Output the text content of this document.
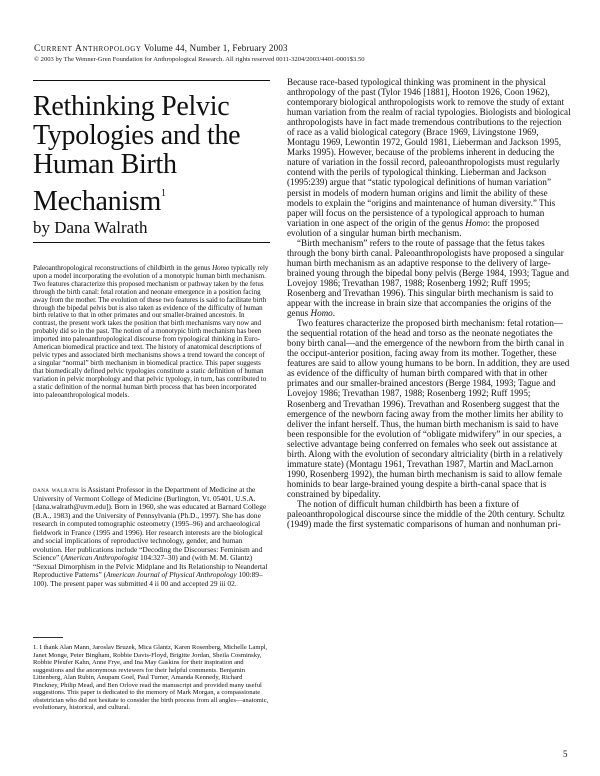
Current Anthropology Volume 44, Number 1, February 2003
© 2003 by The Wenner-Gren Foundation for Anthropological Research. All rights reserved 0011-3204/2003/4401-0001$3.50
Rethinking Pelvic
Typologies and the
Human Birth
Mechanism$^1$
by Dana Walrath

Paleoanthropological reconstructions of childbirth in the genus Homo typically rely upon a model incorporating the evolution of a monotypic human birth mechanism. Two features characterize this proposed mechanism or pathway taken by the fetus through the birth canal: fetal rotation and neonate emergence in a position facing away from the mother. The evolution of these two features is said to facilitate birth through the bipedal pelvis but is also taken as evidence of the difficulty of human birth relative to that in other primates and our smaller-brained ancestors. In contrast, the present work takes the position that birth mechanisms vary now and probably did so in the past. The notion of a monotypic birth mechanism has been imported into paleoanthropological discourse from typological thinking in Euro-American biomedical practice and text. The history of anatomical descriptions of pelvic types and associated birth mechanisms shows a trend toward the concept of a singular “normal” birth mechanism in biomedical practice. This paper suggests that biomedically defined pelvic typologies constitute a static definition of human variation in pelvic morphology and that pelvic typology, in turn, has contributed to a static definition of the normal human birth process that has been incorporated into paleoanthropological models.

dana walrath is Assistant Professor in the Department of Medicine at the University of Vermont College of Medicine (Burlington, Vt. 05401, U.S.A. [dana.walrath@uvm.edu]). Born in 1960, she was educated at Barnard College (B.A., 1983) and the University of Pennsylvania (Ph.D., 1997). She has done research in computed tomographic osteometry (1995–96) and archaeological fieldwork in France (1995 and 1996). Her research interests are the biological and social implications of reproductive technology, gender, and human evolution. Her publications include “Decoding the Discourses: Feminism and Science” (American Anthropologist 104:327–30) and (with M. M. Glantz) “Sexual Dimorphism in the Pelvic Midplane and Its Relationship to Neandertal Reproductive Patterns” (American Journal of Physical Anthropology 100:89–100). The present paper was submitted 4 ii 00 and accepted 29 iii 02.

1. I thank Alan Mann, Jaroslav Bruzek, Mica Glantz, Karen Rosenberg, Michelle Lampl, Janet Monge, Peter Bingham, Robbie Davis-Floyd, Brigitte Jordan, Sheila Cosminsky, Robbie Pfeufer Kahn, Anne Frye, and Ina May Gaskins for their inspiration and suggestions and the anonymous reviewers for their helpful comments. Benjamin Littenberg, Alan Rubin, Anupam Goel, Paul Turner, Amanda Kennedy, Richard Pinckney, Philip Mead, and Ben Orlove read the manuscript and provided many useful suggestions. This paper is dedicated to the memory of Mark Morgan, a compassionate obstetrician who did not hesitate to consider the birth process from all angles—anatomic, evolutionary, historical, and cultural.

Because race-based typological thinking was prominent in the physical anthropology of the past (Tylor 1946 [1881], Hooton 1926, Coon 1962), contemporary biological anthropologists work to remove the study of extant human variation from the realm of racial typologies. Biologists and biological anthropologists have in fact made tremendous contributions to the rejection of race as a valid biological category (Brace 1969, Livingstone 1969, Montagu 1969, Lewontin 1972, Gould 1981, Lieberman and Jackson 1995, Marks 1995). However, because of the problems inherent in deducing the nature of variation in the fossil record, paleoanthropologists must regularly contend with the perils of typological thinking. Lieberman and Jackson (1995:239) argue that “static typological definitions of human variation” persist in models of modern human origins and limit the ability of these models to explain the “origins and maintenance of human diversity.” This paper will focus on the persistence of a typological approach to human variation in one aspect of the origin of the genus Homo: the proposed evolution of a singular human birth mechanism.

“Birth mechanism” refers to the route of passage that the fetus takes through the bony birth canal. Paleoanthropologists have proposed a singular human birth mechanism as an adaptive response to the delivery of large-brained young through the bipedal bony pelvis (Berge 1984, 1993; Tague and Lovejoy 1986; Trevathan 1987, 1988; Rosenberg 1992; Ruff 1995; Rosenberg and Trevathan 1996). This singular birth mechanism is said to appear with the increase in brain size that accompanies the origins of the genus Homo.

Two features characterize the proposed birth mechanism: fetal rotation—the sequential rotation of the head and torso as the neonate negotiates the bony birth canal—and the emergence of the newborn from the birth canal in the occiput-anterior position, facing away from its mother. Together, these features are said to allow young humans to be born. In addition, they are used as evidence of the difficulty of human birth compared with that in other primates and our smaller-brained ancestors (Berge 1984, 1993; Tague and Lovejoy 1986; Trevathan 1987, 1988; Rosenberg 1992; Ruff 1995; Rosenberg and Trevathan 1996). Trevathan and Rosenberg suggest that the emergence of the newborn facing away from the mother limits her ability to deliver the infant herself. Thus, the human birth mechanism is said to have been responsible for the evolution of “obligate midwifery” in our species, a selective advantage being conferred on females who seek out assistance at birth. Along with the evolution of secondary altriciality (birth in a relatively immature state) (Montagu 1961, Trevathan 1987, Martin and MacLarnon 1990, Rosenberg 1992), the human birth mechanism is said to allow female hominids to bear large-brained young despite a birth-canal space that is constrained by bipedality.

The notion of difficult human childbirth has been a fixture of paleoanthropological discourse since the middle of the 20th century. Schultz (1949) made the first systematic comparisons of human and nonhuman pri-

5
